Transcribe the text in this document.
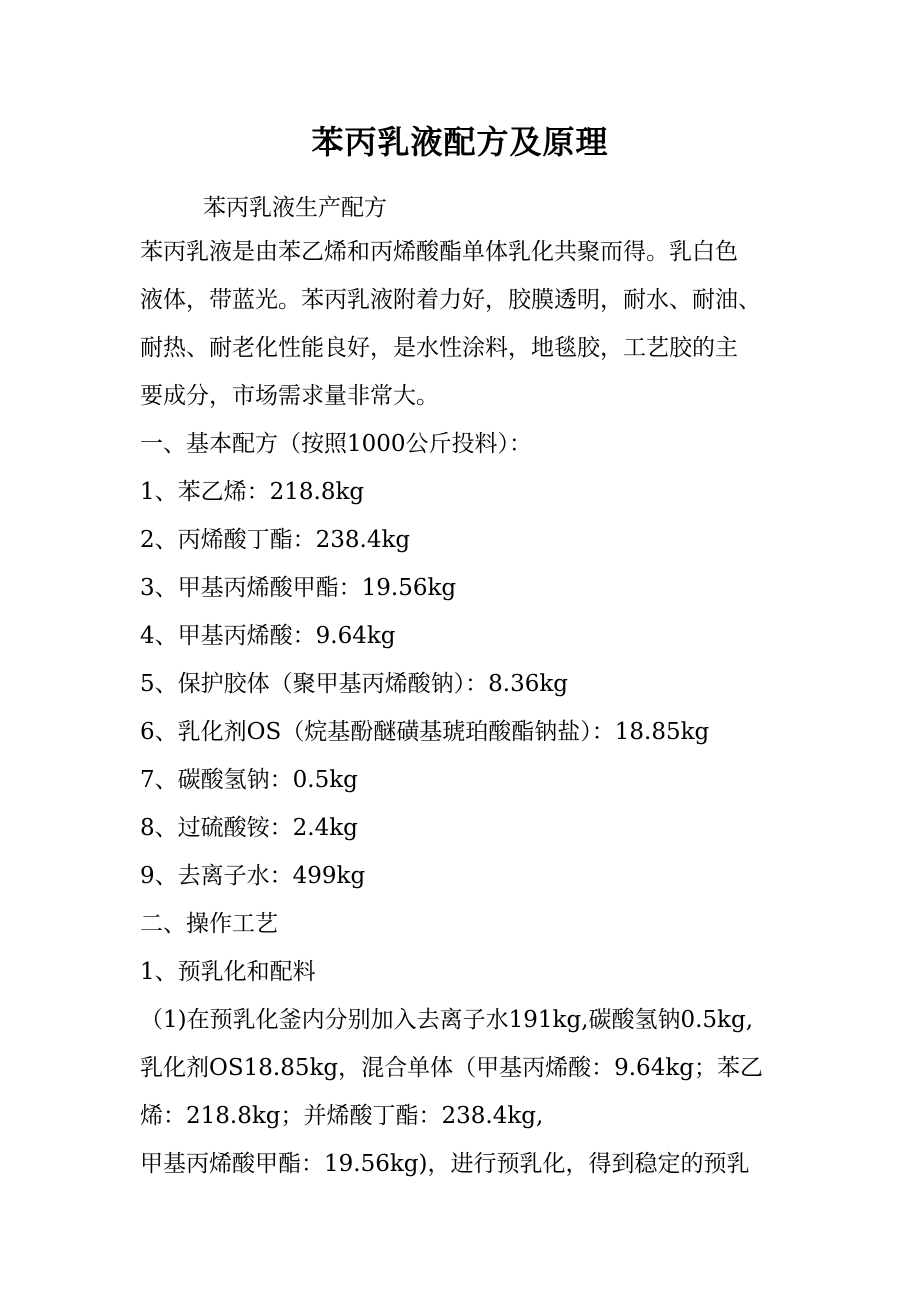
苯丙乳液配方及原理
苯丙乳液生产配方
苯丙乳液是由苯乙烯和丙烯酸酯单体乳化共聚而得。乳白色
液体，带蓝光。苯丙乳液附着力好，胶膜透明，耐水、耐油、
耐热、耐老化性能良好，是水性涂料，地毯胶，工艺胶的主
要成分，市场需求量非常大。
一、基本配方（按照1000公斤投料）：
1、苯乙烯：218.8kg
2、丙烯酸丁酯：238.4kg
3、甲基丙烯酸甲酯：19.56kg
4、甲基丙烯酸：9.64kg
5、保护胶体（聚甲基丙烯酸钠）：8.36kg
6、乳化剂OS（烷基酚醚磺基琥珀酸酯钠盐）：18.85kg
7、碳酸氢钠：0.5kg
8、过硫酸铵：2.4kg
9、去离子水：499kg
二、操作工艺
1、预乳化和配料
（1)在预乳化釜内分别加入去离子水191kg,碳酸氢钠0.5kg,
乳化剂OS18.85kg，混合单体（甲基丙烯酸：9.64kg；苯乙
烯：218.8kg；并烯酸丁酯：238.4kg,
甲基丙烯酸甲酯：19.56kg)，进行预乳化，得到稳定的预乳
